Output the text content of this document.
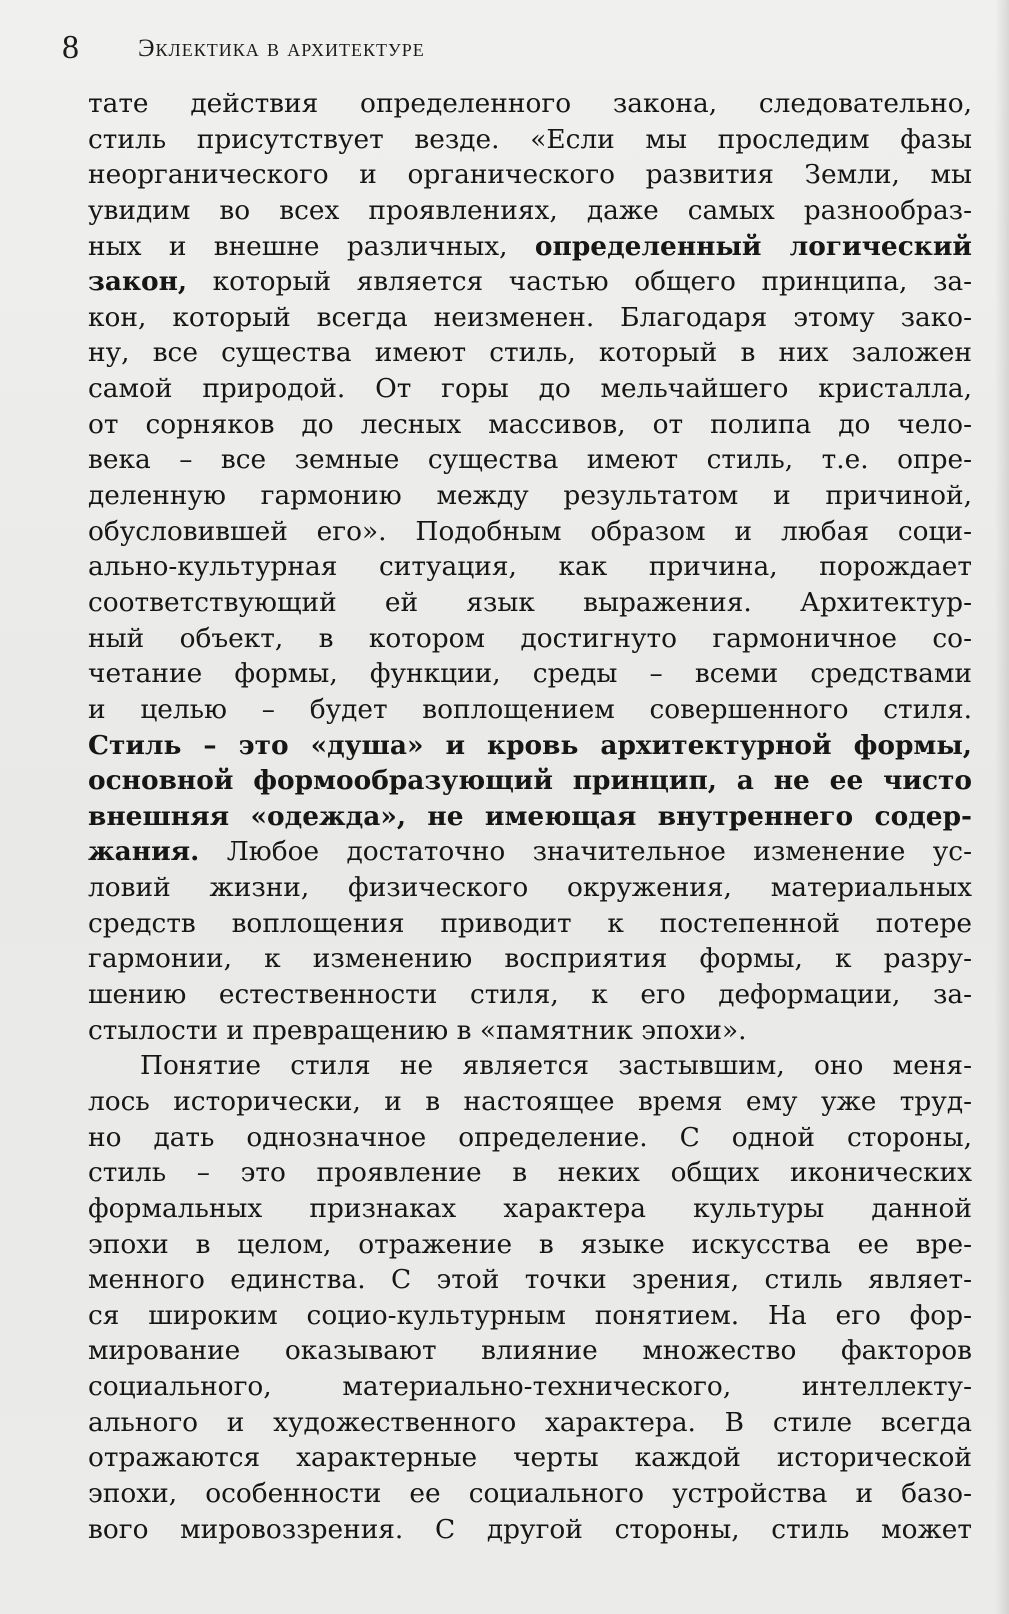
8 Эклектика в архитектуре
тате действия определенного закона, следовательно,
стиль присутствует везде. «Если мы проследим фазы
неорганического и органического развития Земли, мы
увидим во всех проявлениях, даже самых разнообраз-
ных и внешне различных, определенный логический
закон, который является частью общего принципа, за-
кон, который всегда неизменен. Благодаря этому зако-
ну, все существа имеют стиль, который в них заложен
самой природой. От горы до мельчайшего кристалла,
от сорняков до лесных массивов, от полипа до чело-
века – все земные существа имеют стиль, т.е. опре-
деленную гармонию между результатом и причиной,
обусловившей его». Подобным образом и любая соци-
ально-культурная ситуация, как причина, порождает
соответствующий ей язык выражения. Архитектур-
ный объект, в котором достигнуто гармоничное со-
четание формы, функции, среды – всеми средствами
и целью – будет воплощением совершенного стиля.
Стиль – это «душа» и кровь архитектурной формы,
основной формообразующий принцип, а не ее чисто
внешняя «одежда», не имеющая внутреннего содер-
жания. Любое достаточно значительное изменение ус-
ловий жизни, физического окружения, материальных
средств воплощения приводит к постепенной потере
гармонии, к изменению восприятия формы, к разру-
шению естественности стиля, к его деформации, за-
стылости и превращению в «памятник эпохи».
Понятие стиля не является застывшим, оно меня-
лось исторически, и в настоящее время ему уже труд-
но дать однозначное определение. С одной стороны,
стиль – это проявление в неких общих иконических
формальных признаках характера культуры данной
эпохи в целом, отражение в языке искусства ее вре-
менного единства. С этой точки зрения, стиль являет-
ся широким социо-культурным понятием. На его фор-
мирование оказывают влияние множество факторов
социального, материально-технического, интеллекту-
ального и художественного характера. В стиле всегда
отражаются характерные черты каждой исторической
эпохи, особенности ее социального устройства и базо-
вого мировоззрения. С другой стороны, стиль может
